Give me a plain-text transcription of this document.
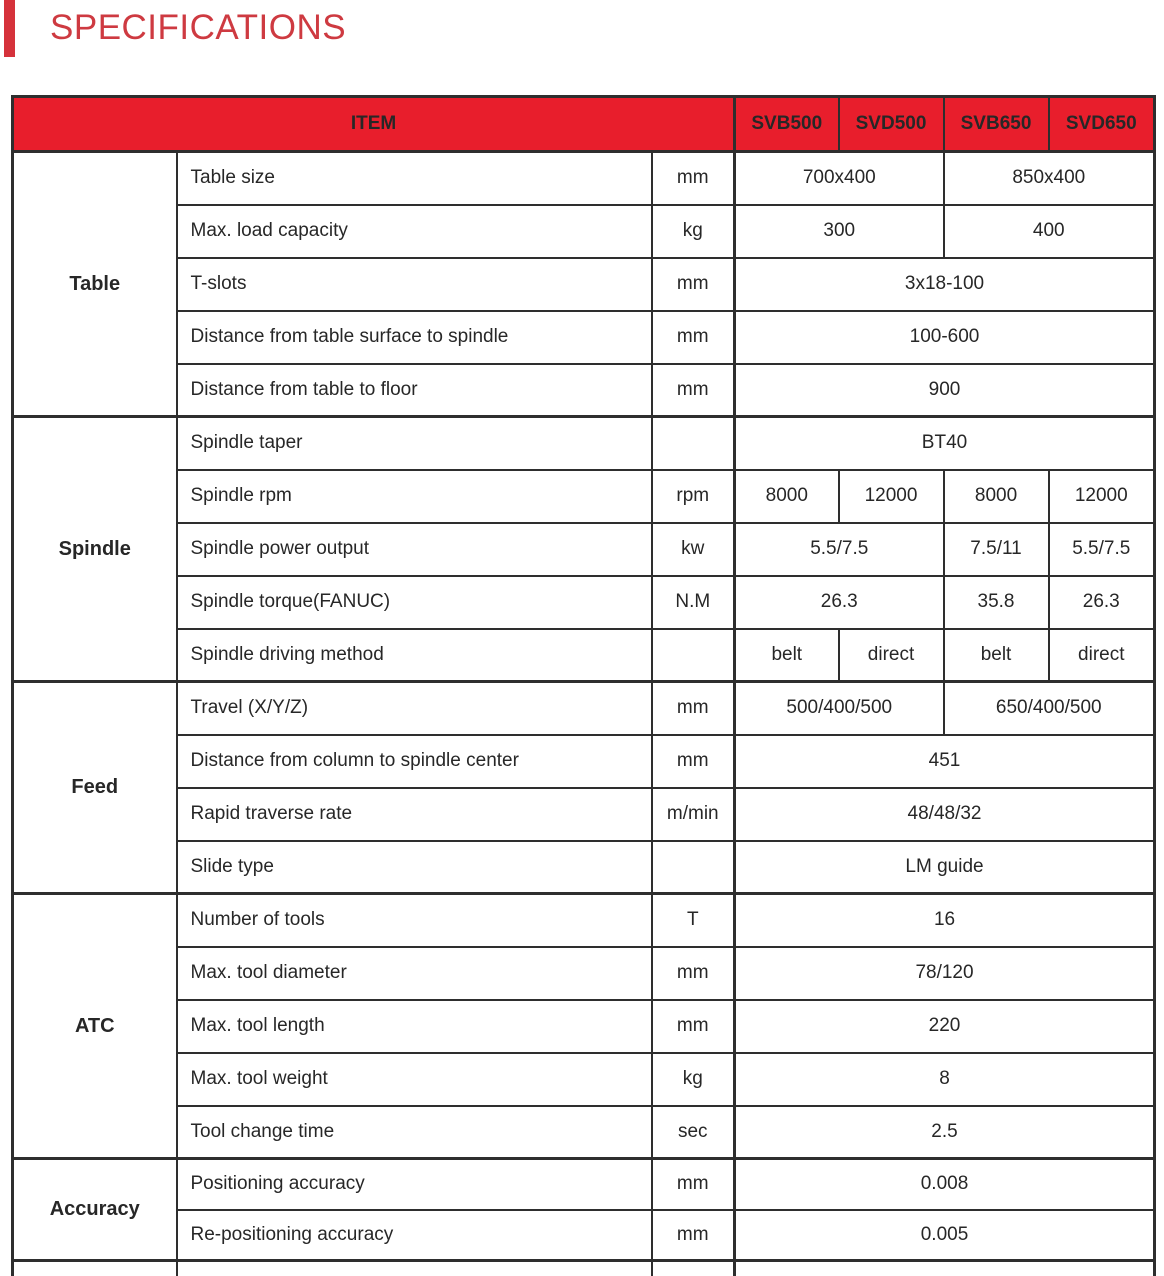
SPECIFICATIONS
ITEM			SVB500	SVD500	SVB650	SVD650
Table	Table size	mm	700x400		850x400	
	Max. load capacity	kg	300		400	
	T-slots	mm	3x18-100			
	Distance from table surface to spindle	mm	100-600			
	Distance from table to floor	mm	900			
Spindle	Spindle taper		BT40			
	Spindle rpm	rpm	8000	12000	8000	12000
	Spindle power output	kw	5.5/7.5		7.5/11	5.5/7.5
	Spindle torque(FANUC)	N.M	26.3		35.8	26.3
	Spindle driving method		belt	direct	belt	direct
Feed	Travel (X/Y/Z)	mm	500/400/500		650/400/500	
	Distance from column to spindle center	mm	451			
	Rapid traverse rate	m/min	48/48/32			
	Slide type		LM guide			
ATC	Number of tools	T	16			
	Max. tool diameter	mm	78/120			
	Max. tool length	mm	220			
	Max. tool weight	kg	8			
	Tool change time	sec	2.5			
Accuracy	Positioning accuracy	mm	0.008			
	Re-positioning accuracy	mm	0.005			
